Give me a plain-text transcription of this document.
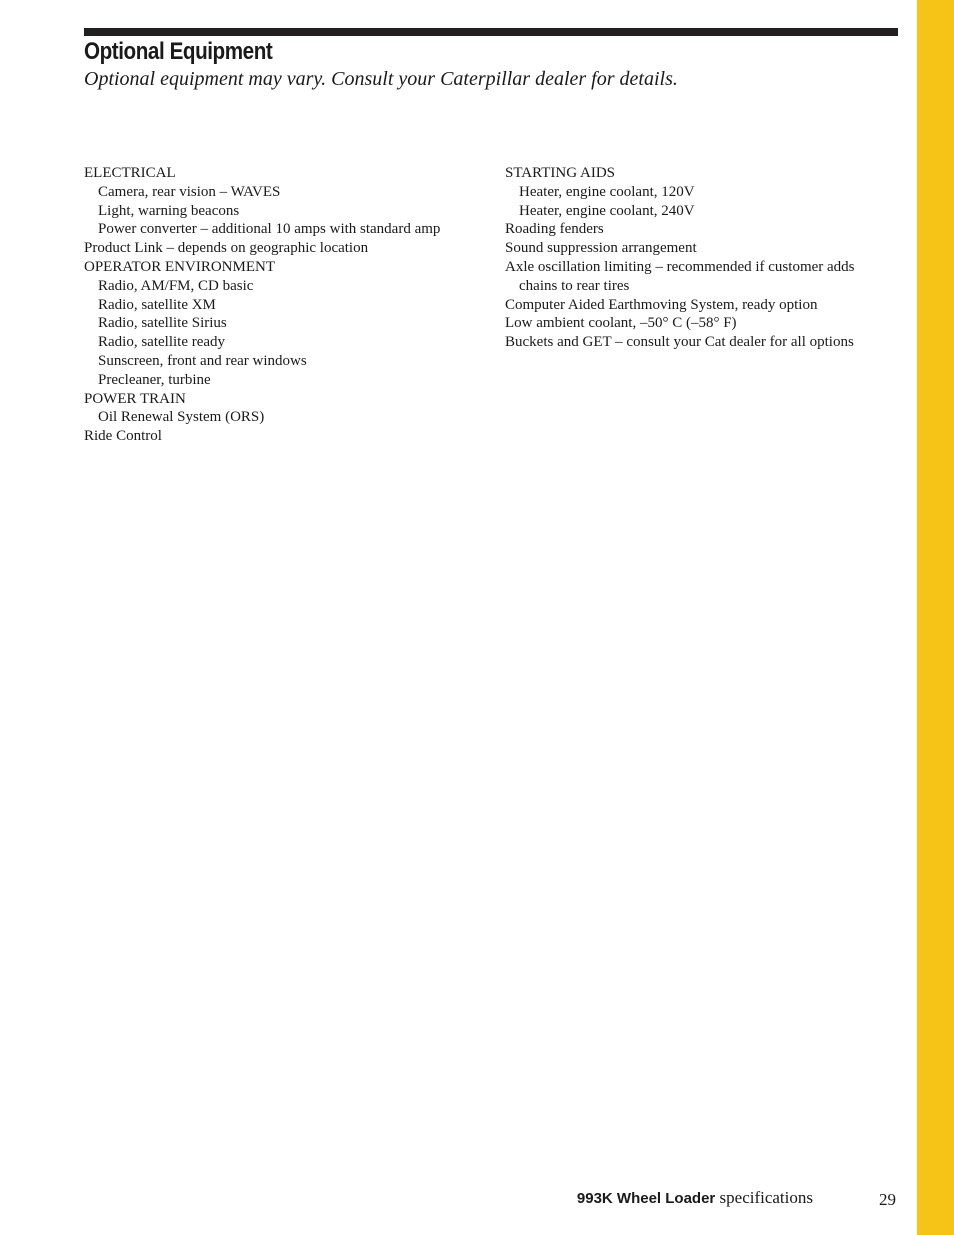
Optional Equipment

Optional equipment may vary. Consult your Caterpillar dealer for details.

ELECTRICAL

Camera, rear vision – WAVES

Light, warning beacons

Power converter – additional 10 amps with standard amp

Product Link – depends on geographic location

OPERATOR ENVIRONMENT

Radio, AM/FM, CD basic

Radio, satellite XM

Radio, satellite Sirius

Radio, satellite ready

Sunscreen, front and rear windows

Precleaner, turbine

POWER TRAIN

Oil Renewal System (ORS)

Ride Control

STARTING AIDS

Heater, engine coolant, 120V

Heater, engine coolant, 240V

Roading fenders

Sound suppression arrangement

Axle oscillation limiting – recommended if customer adds chains to rear tires

Computer Aided Earthmoving System, ready option

Low ambient coolant, –50° C (–58° F)

Buckets and GET – consult your Cat dealer for all options

993K Wheel Loader specifications	29
